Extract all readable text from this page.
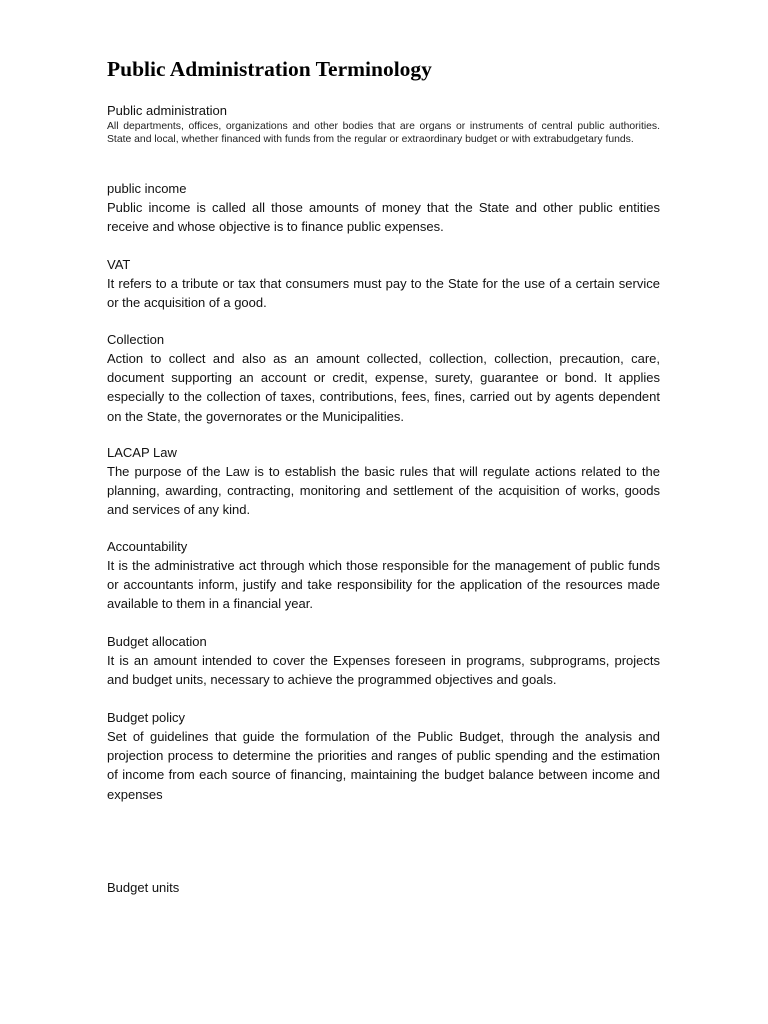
Public Administration Terminology
Public administration

All departments, offices, organizations and other bodies that are organs or instruments of central public authorities. State and local, whether financed with funds from the regular or extraordinary budget or with extrabudgetary funds.

public income

Public income is called all those amounts of money that the State and other public entities receive and whose objective is to finance public expenses.

VAT

It refers to a tribute or tax that consumers must pay to the State for the use of a certain service or the acquisition of a good.

Collection

Action to collect and also as an amount collected, collection, collection, precaution, care, document supporting an account or credit, expense, surety, guarantee or bond. It applies especially to the collection of taxes, contributions, fees, fines, carried out by agents dependent on the State, the governorates or the Municipalities.

LACAP Law

The purpose of the Law is to establish the basic rules that will regulate actions related to the planning, awarding, contracting, monitoring and settlement of the acquisition of works, goods and services of any kind.

Accountability

It is the administrative act through which those responsible for the management of public funds or accountants inform, justify and take responsibility for the application of the resources made available to them in a financial year.

Budget allocation

It is an amount intended to cover the Expenses foreseen in programs, subprograms, projects and budget units, necessary to achieve the programmed objectives and goals.

Budget policy

Set of guidelines that guide the formulation of the Public Budget, through the analysis and projection process to determine the priorities and ranges of public spending and the estimation of income from each source of financing, maintaining the budget balance between income and expenses

Budget units
